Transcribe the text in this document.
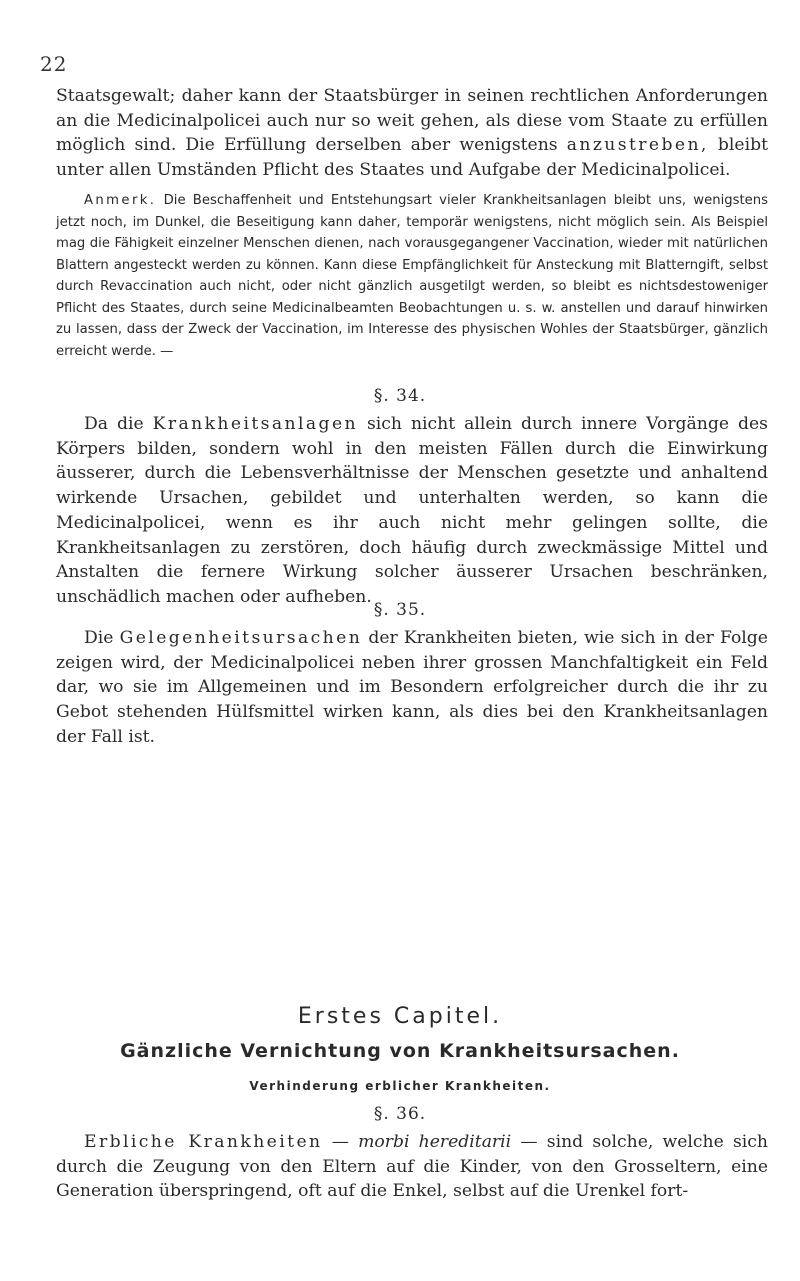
22

Staatsgewalt; daher kann der Staatsbürger in seinen rechtlichen Anforderungen an die Medicinalpolicei auch nur so weit gehen, als diese vom Staate zu erfüllen möglich sind. Die Erfüllung derselben aber wenigstens anzustreben, bleibt unter allen Umständen Pflicht des Staates und Aufgabe der Medicinalpolicei.

Anmerk. Die Beschaffenheit und Entstehungsart vieler Krankheitsanlagen bleibt uns, wenigstens jetzt noch, im Dunkel, die Beseitigung kann daher, temporär wenigstens, nicht möglich sein. Als Beispiel mag die Fähigkeit einzelner Menschen dienen, nach vorausgegangener Vaccination, wieder mit natürlichen Blattern angesteckt werden zu können. Kann diese Empfänglichkeit für Ansteckung mit Blatterngift, selbst durch Revaccination auch nicht, oder nicht gänzlich ausgetilgt werden, so bleibt es nichtsdestoweniger Pflicht des Staates, durch seine Medicinalbeamten Beobachtungen u. s. w. anstellen und darauf hinwirken zu lassen, dass der Zweck der Vaccination, im Interesse des physischen Wohles der Staatsbürger, gänzlich erreicht werde. —

§. 34.

Da die Krankheitsanlagen sich nicht allein durch innere Vorgänge des Körpers bilden, sondern wohl in den meisten Fällen durch die Einwirkung äusserer, durch die Lebensverhältnisse der Menschen gesetzte und anhaltend wirkende Ursachen, gebildet und unterhalten werden, so kann die Medicinalpolicei, wenn es ihr auch nicht mehr gelingen sollte, die Krankheitsanlagen zu zerstören, doch häufig durch zweckmässige Mittel und Anstalten die fernere Wirkung solcher äusserer Ursachen beschränken, unschädlich machen oder aufheben.

§. 35.

Die Gelegenheitsursachen der Krankheiten bieten, wie sich in der Folge zeigen wird, der Medicinalpolicei neben ihrer grossen Manchfaltigkeit ein Feld dar, wo sie im Allgemeinen und im Besondern erfolgreicher durch die ihr zu Gebot stehenden Hülfsmittel wirken kann, als dies bei den Krankheitsanlagen der Fall ist.

Erstes Capitel.
Gänzliche Vernichtung von Krankheitsursachen.
Verhinderung erblicher Krankheiten.
§. 36.

Erbliche Krankheiten — morbi hereditarii — sind solche, welche sich durch die Zeugung von den Eltern auf die Kinder, von den Grosseltern, eine Generation überspringend, oft auf die Enkel, selbst auf die Urenkel fort-
